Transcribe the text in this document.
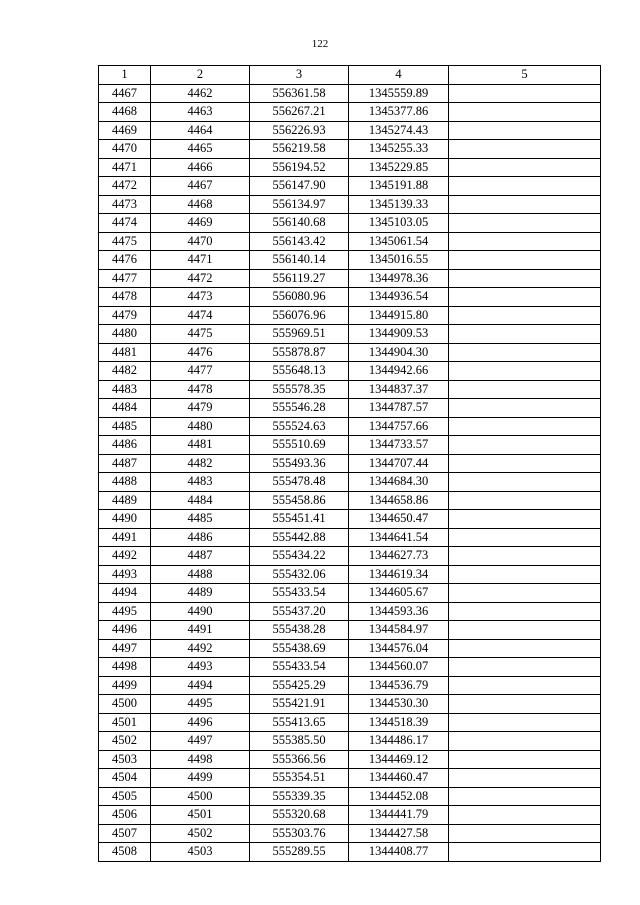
122
1	2	3	4	5
4467	4462	556361.58	1345559.89	
4468	4463	556267.21	1345377.86	
4469	4464	556226.93	1345274.43	
4470	4465	556219.58	1345255.33	
4471	4466	556194.52	1345229.85	
4472	4467	556147.90	1345191.88	
4473	4468	556134.97	1345139.33	
4474	4469	556140.68	1345103.05	
4475	4470	556143.42	1345061.54	
4476	4471	556140.14	1345016.55	
4477	4472	556119.27	1344978.36	
4478	4473	556080.96	1344936.54	
4479	4474	556076.96	1344915.80	
4480	4475	555969.51	1344909.53	
4481	4476	555878.87	1344904.30	
4482	4477	555648.13	1344942.66	
4483	4478	555578.35	1344837.37	
4484	4479	555546.28	1344787.57	
4485	4480	555524.63	1344757.66	
4486	4481	555510.69	1344733.57	
4487	4482	555493.36	1344707.44	
4488	4483	555478.48	1344684.30	
4489	4484	555458.86	1344658.86	
4490	4485	555451.41	1344650.47	
4491	4486	555442.88	1344641.54	
4492	4487	555434.22	1344627.73	
4493	4488	555432.06	1344619.34	
4494	4489	555433.54	1344605.67	
4495	4490	555437.20	1344593.36	
4496	4491	555438.28	1344584.97	
4497	4492	555438.69	1344576.04	
4498	4493	555433.54	1344560.07	
4499	4494	555425.29	1344536.79	
4500	4495	555421.91	1344530.30	
4501	4496	555413.65	1344518.39	
4502	4497	555385.50	1344486.17	
4503	4498	555366.56	1344469.12	
4504	4499	555354.51	1344460.47	
4505	4500	555339.35	1344452.08	
4506	4501	555320.68	1344441.79	
4507	4502	555303.76	1344427.58	
4508	4503	555289.55	1344408.77	
